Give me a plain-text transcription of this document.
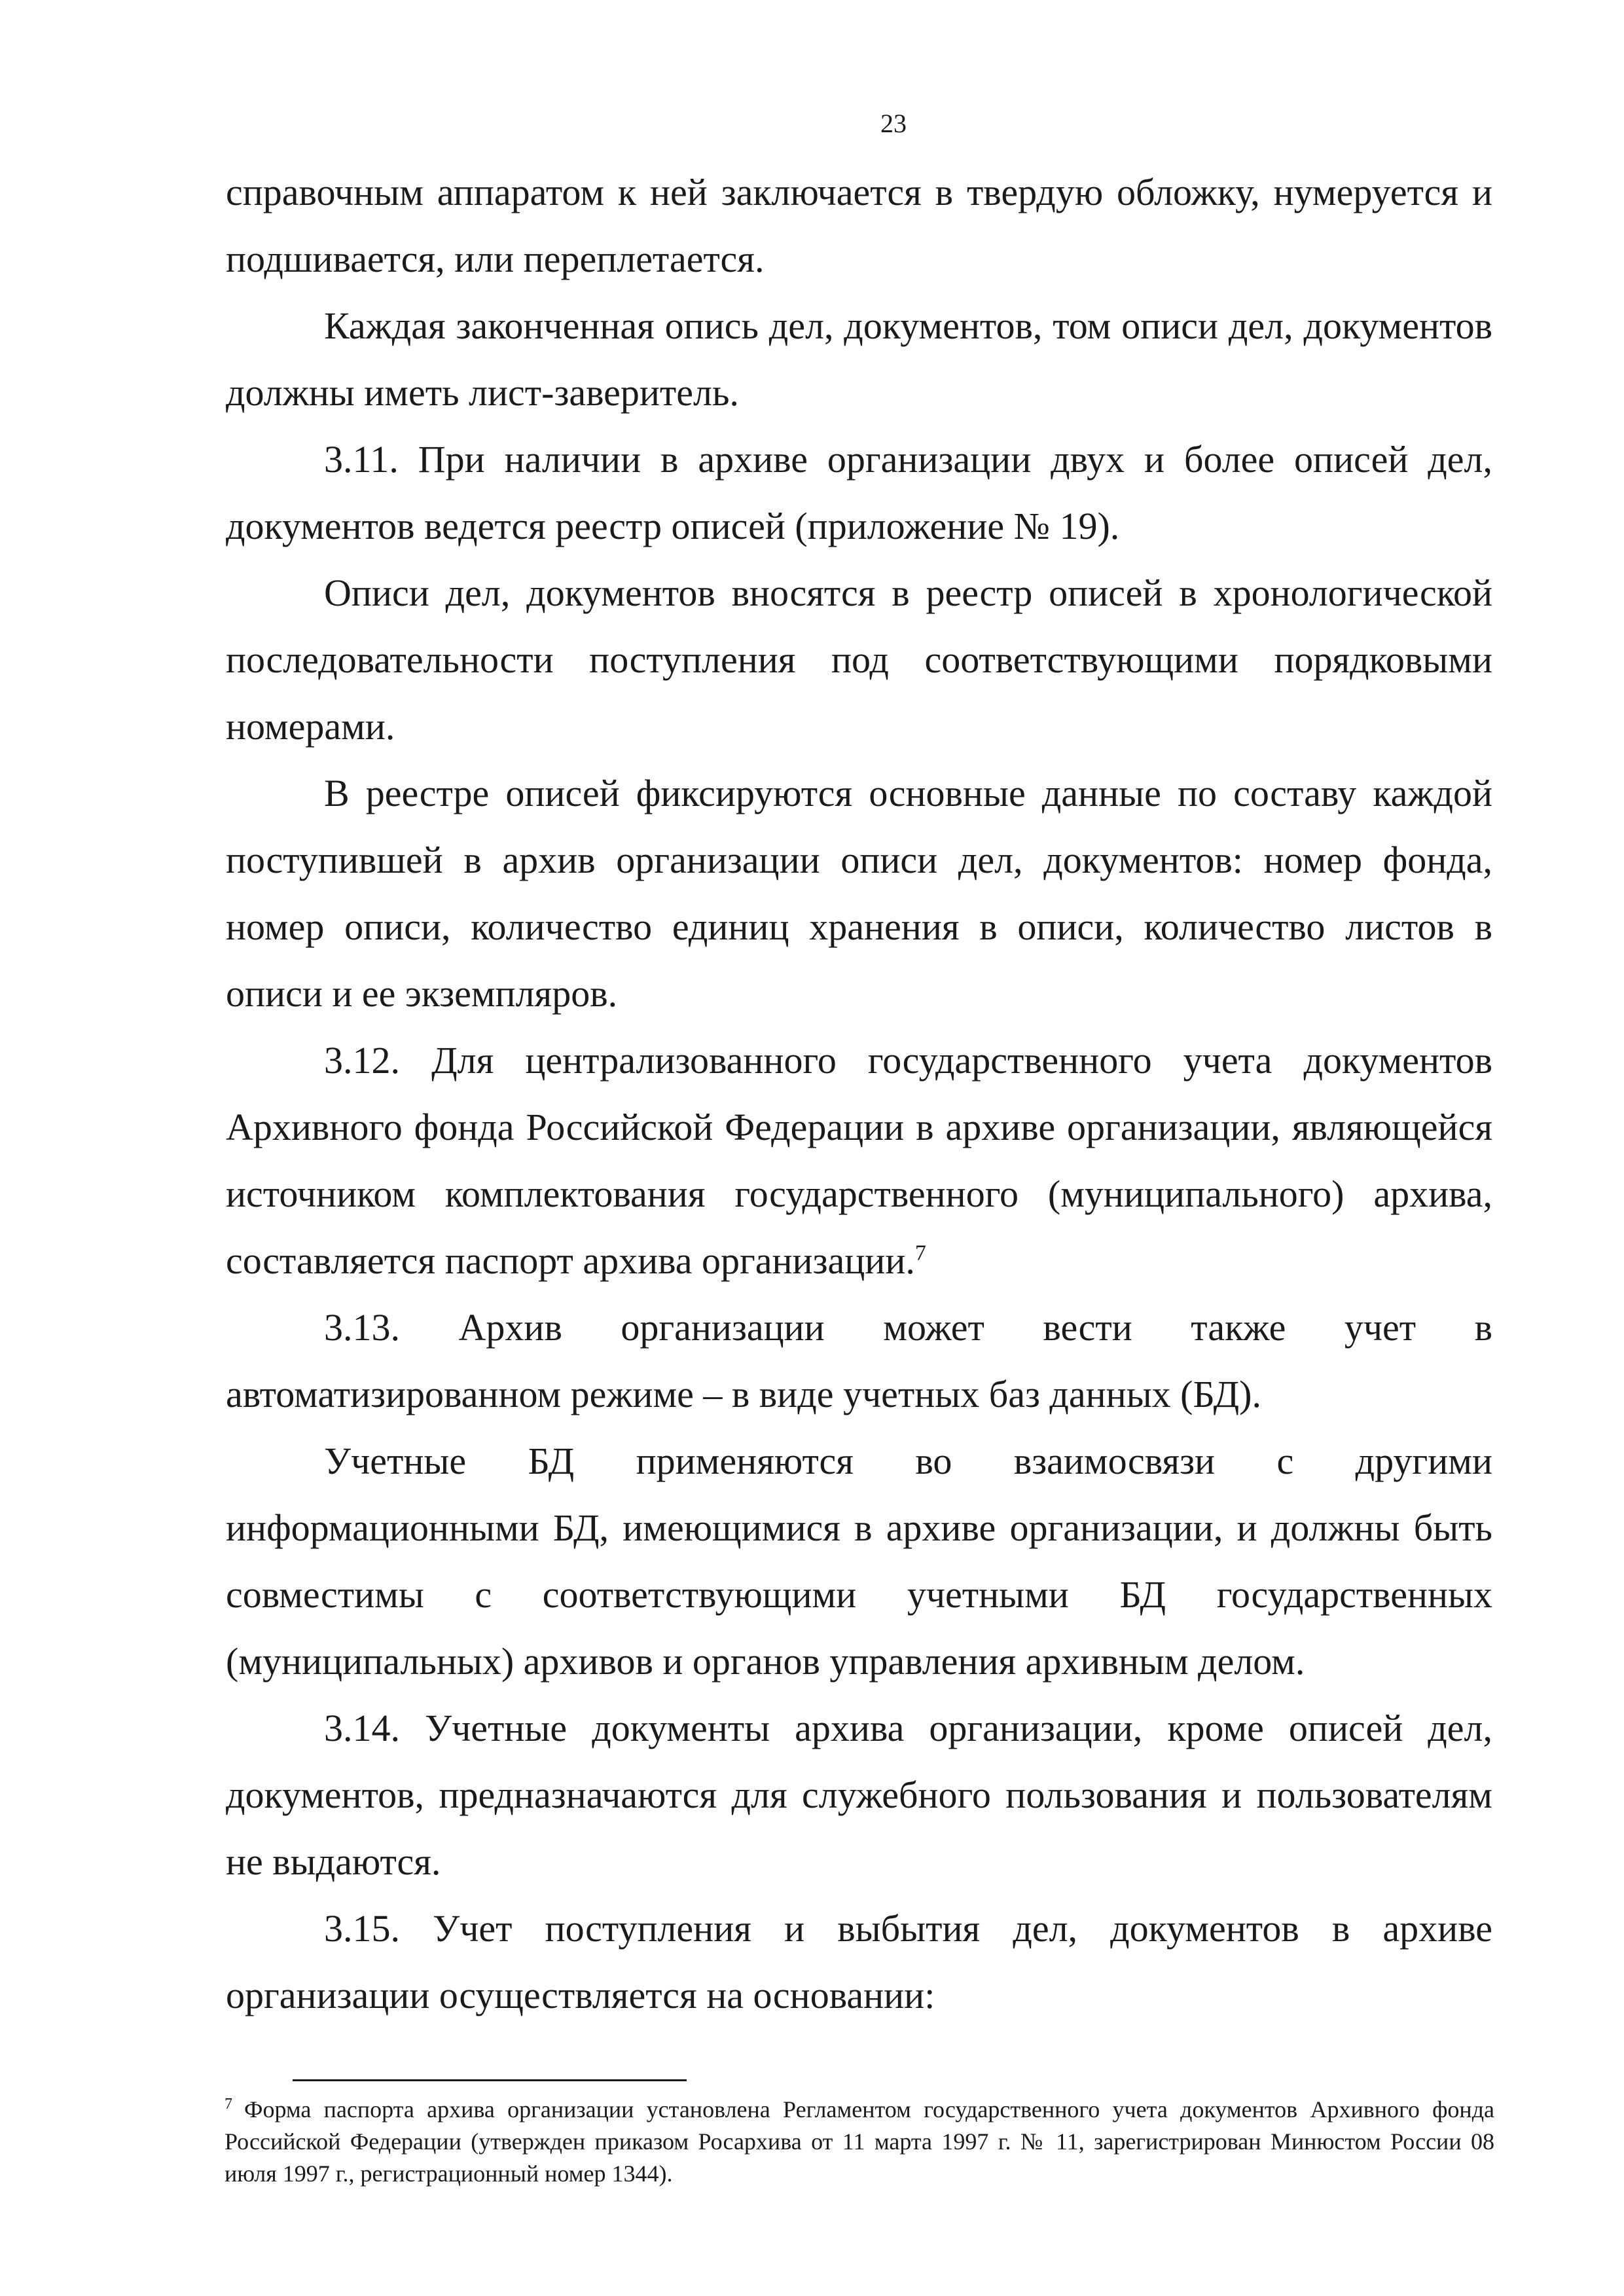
23

справочным аппаратом к ней заключается в твердую обложку, нумеруется и подшивается, или переплетается.

Каждая законченная опись дел, документов, том описи дел, документов должны иметь лист-заверитель.

3.11. При наличии в архиве организации двух и более описей дел, документов ведется реестр описей (приложение № 19).

Описи дел, документов вносятся в реестр описей в хронологической последовательности поступления под соответствующими порядковыми номерами.

В реестре описей фиксируются основные данные по составу каждой поступившей в архив организации описи дел, документов: номер фонда, номер описи, количество единиц хранения в описи, количество листов в описи и ее экземпляров.

3.12. Для централизованного государственного учета документов Архивного фонда Российской Федерации в архиве организации, являющейся источником комплектования государственного (муниципального) архива, составляется паспорт архива организации.$^7$

3.13. Архив организации может вести также учет в автоматизированном режиме – в виде учетных баз данных (БД).

Учетные БД применяются во взаимосвязи с другими информационными БД, имеющимися в архиве организации, и должны быть совместимы с соответствующими учетными БД государственных (муниципальных) архивов и органов управления архивным делом.

3.14. Учетные документы архива организации, кроме описей дел, документов, предназначаются для служебного пользования и пользователям не выдаются.

3.15. Учет поступления и выбытия дел, документов в архиве организации осуществляется на основании:

$^7$ Форма паспорта архива организации установлена Регламентом государственного учета документов Архивного фонда Российской Федерации (утвержден приказом Росархива от 11 марта 1997 г. № 11, зарегистрирован Минюстом России 08 июля 1997 г., регистрационный номер 1344).
